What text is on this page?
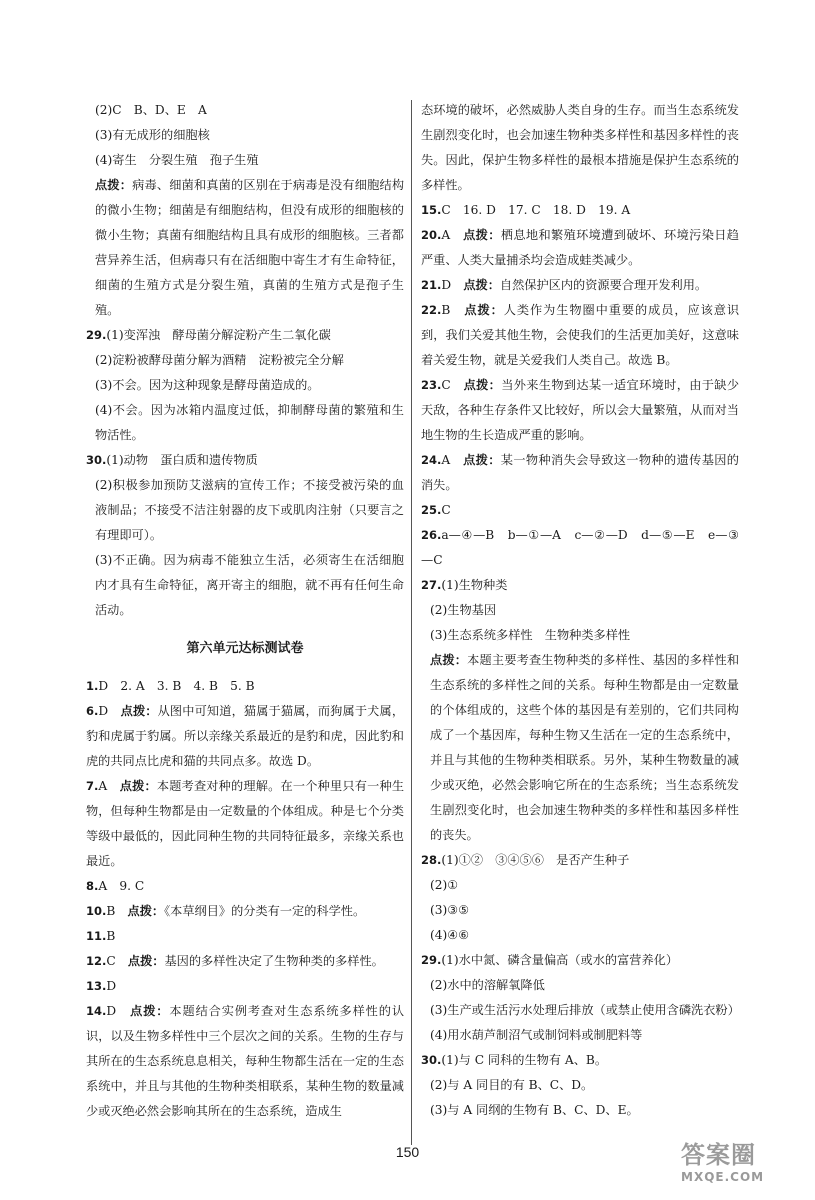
(2)C　B、D、E　A

(3)有无成形的细胞核

(4)寄生　分裂生殖　孢子生殖

点拨：病毒、细菌和真菌的区别在于病毒是没有细胞结构的微小生物；细菌是有细胞结构，但没有成形的细胞核的微小生物；真菌有细胞结构且具有成形的细胞核。三者都营异养生活，但病毒只有在活细胞中寄生才有生命特征，细菌的生殖方式是分裂生殖，真菌的生殖方式是孢子生殖。

29.(1)变浑浊　酵母菌分解淀粉产生二氧化碳

(2)淀粉被酵母菌分解为酒精　淀粉被完全分解

(3)不会。因为这种现象是酵母菌造成的。

(4)不会。因为冰箱内温度过低，抑制酵母菌的繁殖和生物活性。

30.(1)动物　蛋白质和遗传物质

(2)积极参加预防艾滋病的宣传工作；不接受被污染的血液制品；不接受不洁注射器的皮下或肌肉注射（只要言之有理即可）。

(3)不正确。因为病毒不能独立生活，必须寄生在活细胞内才具有生命特征，离开寄主的细胞，就不再有任何生命活动。

第六单元达标测试卷

1.D　2. A　3. B　4. B　5. B

6.D　点拨：从图中可知道，猫属于猫属，而狗属于犬属，豹和虎属于豹属。所以亲缘关系最近的是豹和虎，因此豹和虎的共同点比虎和猫的共同点多。故选 D。

7.A　点拨：本题考查对种的理解。在一个种里只有一种生物，但每种生物都是由一定数量的个体组成。种是七个分类等级中最低的，因此同种生物的共同特征最多，亲缘关系也最近。

8.A　9. C

10.B　点拨：《本草纲目》的分类有一定的科学性。

11.B

12.C　点拨：基因的多样性决定了生物种类的多样性。

13.D

14.D　点拨：本题结合实例考查对生态系统多样性的认识，以及生物多样性中三个层次之间的关系。生物的生存与其所在的生态系统息息相关，每种生物都生活在一定的生态系统中，并且与其他的生物种类相联系，某种生物的数量减少或灭绝必然会影响其所在的生态系统，造成生

态环境的破坏，必然威胁人类自身的生存。而当生态系统发生剧烈变化时，也会加速生物种类多样性和基因多样性的丧失。因此，保护生物多样性的最根本措施是保护生态系统的多样性。

15.C　16. D　17. C　18. D　19. A

20.A　点拨：栖息地和繁殖环境遭到破坏、环境污染日趋严重、人类大量捕杀均会造成蛙类减少。

21.D　点拨：自然保护区内的资源要合理开发利用。

22.B　点拨：人类作为生物圈中重要的成员，应该意识到，我们关爱其他生物，会使我们的生活更加美好，这意味着关爱生物，就是关爱我们人类自己。故选 B。

23.C　点拨：当外来生物到达某一适宜环境时，由于缺少天敌，各种生存条件又比较好，所以会大量繁殖，从而对当地生物的生长造成严重的影响。

24.A　点拨：某一物种消失会导致这一物种的遗传基因的消失。

25.C

26.a—④—B　b—①—A　c—②—D　d—⑤—E　e—③—C

27.(1)生物种类

(2)生物基因

(3)生态系统多样性　生物种类多样性

点拨：本题主要考查生物种类的多样性、基因的多样性和生态系统的多样性之间的关系。每种生物都是由一定数量的个体组成的，这些个体的基因是有差别的，它们共同构成了一个基因库，每种生物又生活在一定的生态系统中，并且与其他的生物种类相联系。另外，某种生物数量的减少或灭绝，必然会影响它所在的生态系统；当生态系统发生剧烈变化时，也会加速生物种类的多样性和基因多样性的丧失。

28.(1)①②　③④⑤⑥　是否产生种子

(2)①

(3)③⑤

(4)④⑥

29.(1)水中氮、磷含量偏高（或水的富营养化）

(2)水中的溶解氧降低

(3)生产或生活污水处理后排放（或禁止使用含磷洗衣粉）

(4)用水葫芦制沼气或制饲料或制肥料等

30.(1)与 C 同科的生物有 A、B。

(2)与 A 同目的有 B、C、D。

(3)与 A 同纲的生物有 B、C、D、E。

150	答案圈
MXQE.COM
